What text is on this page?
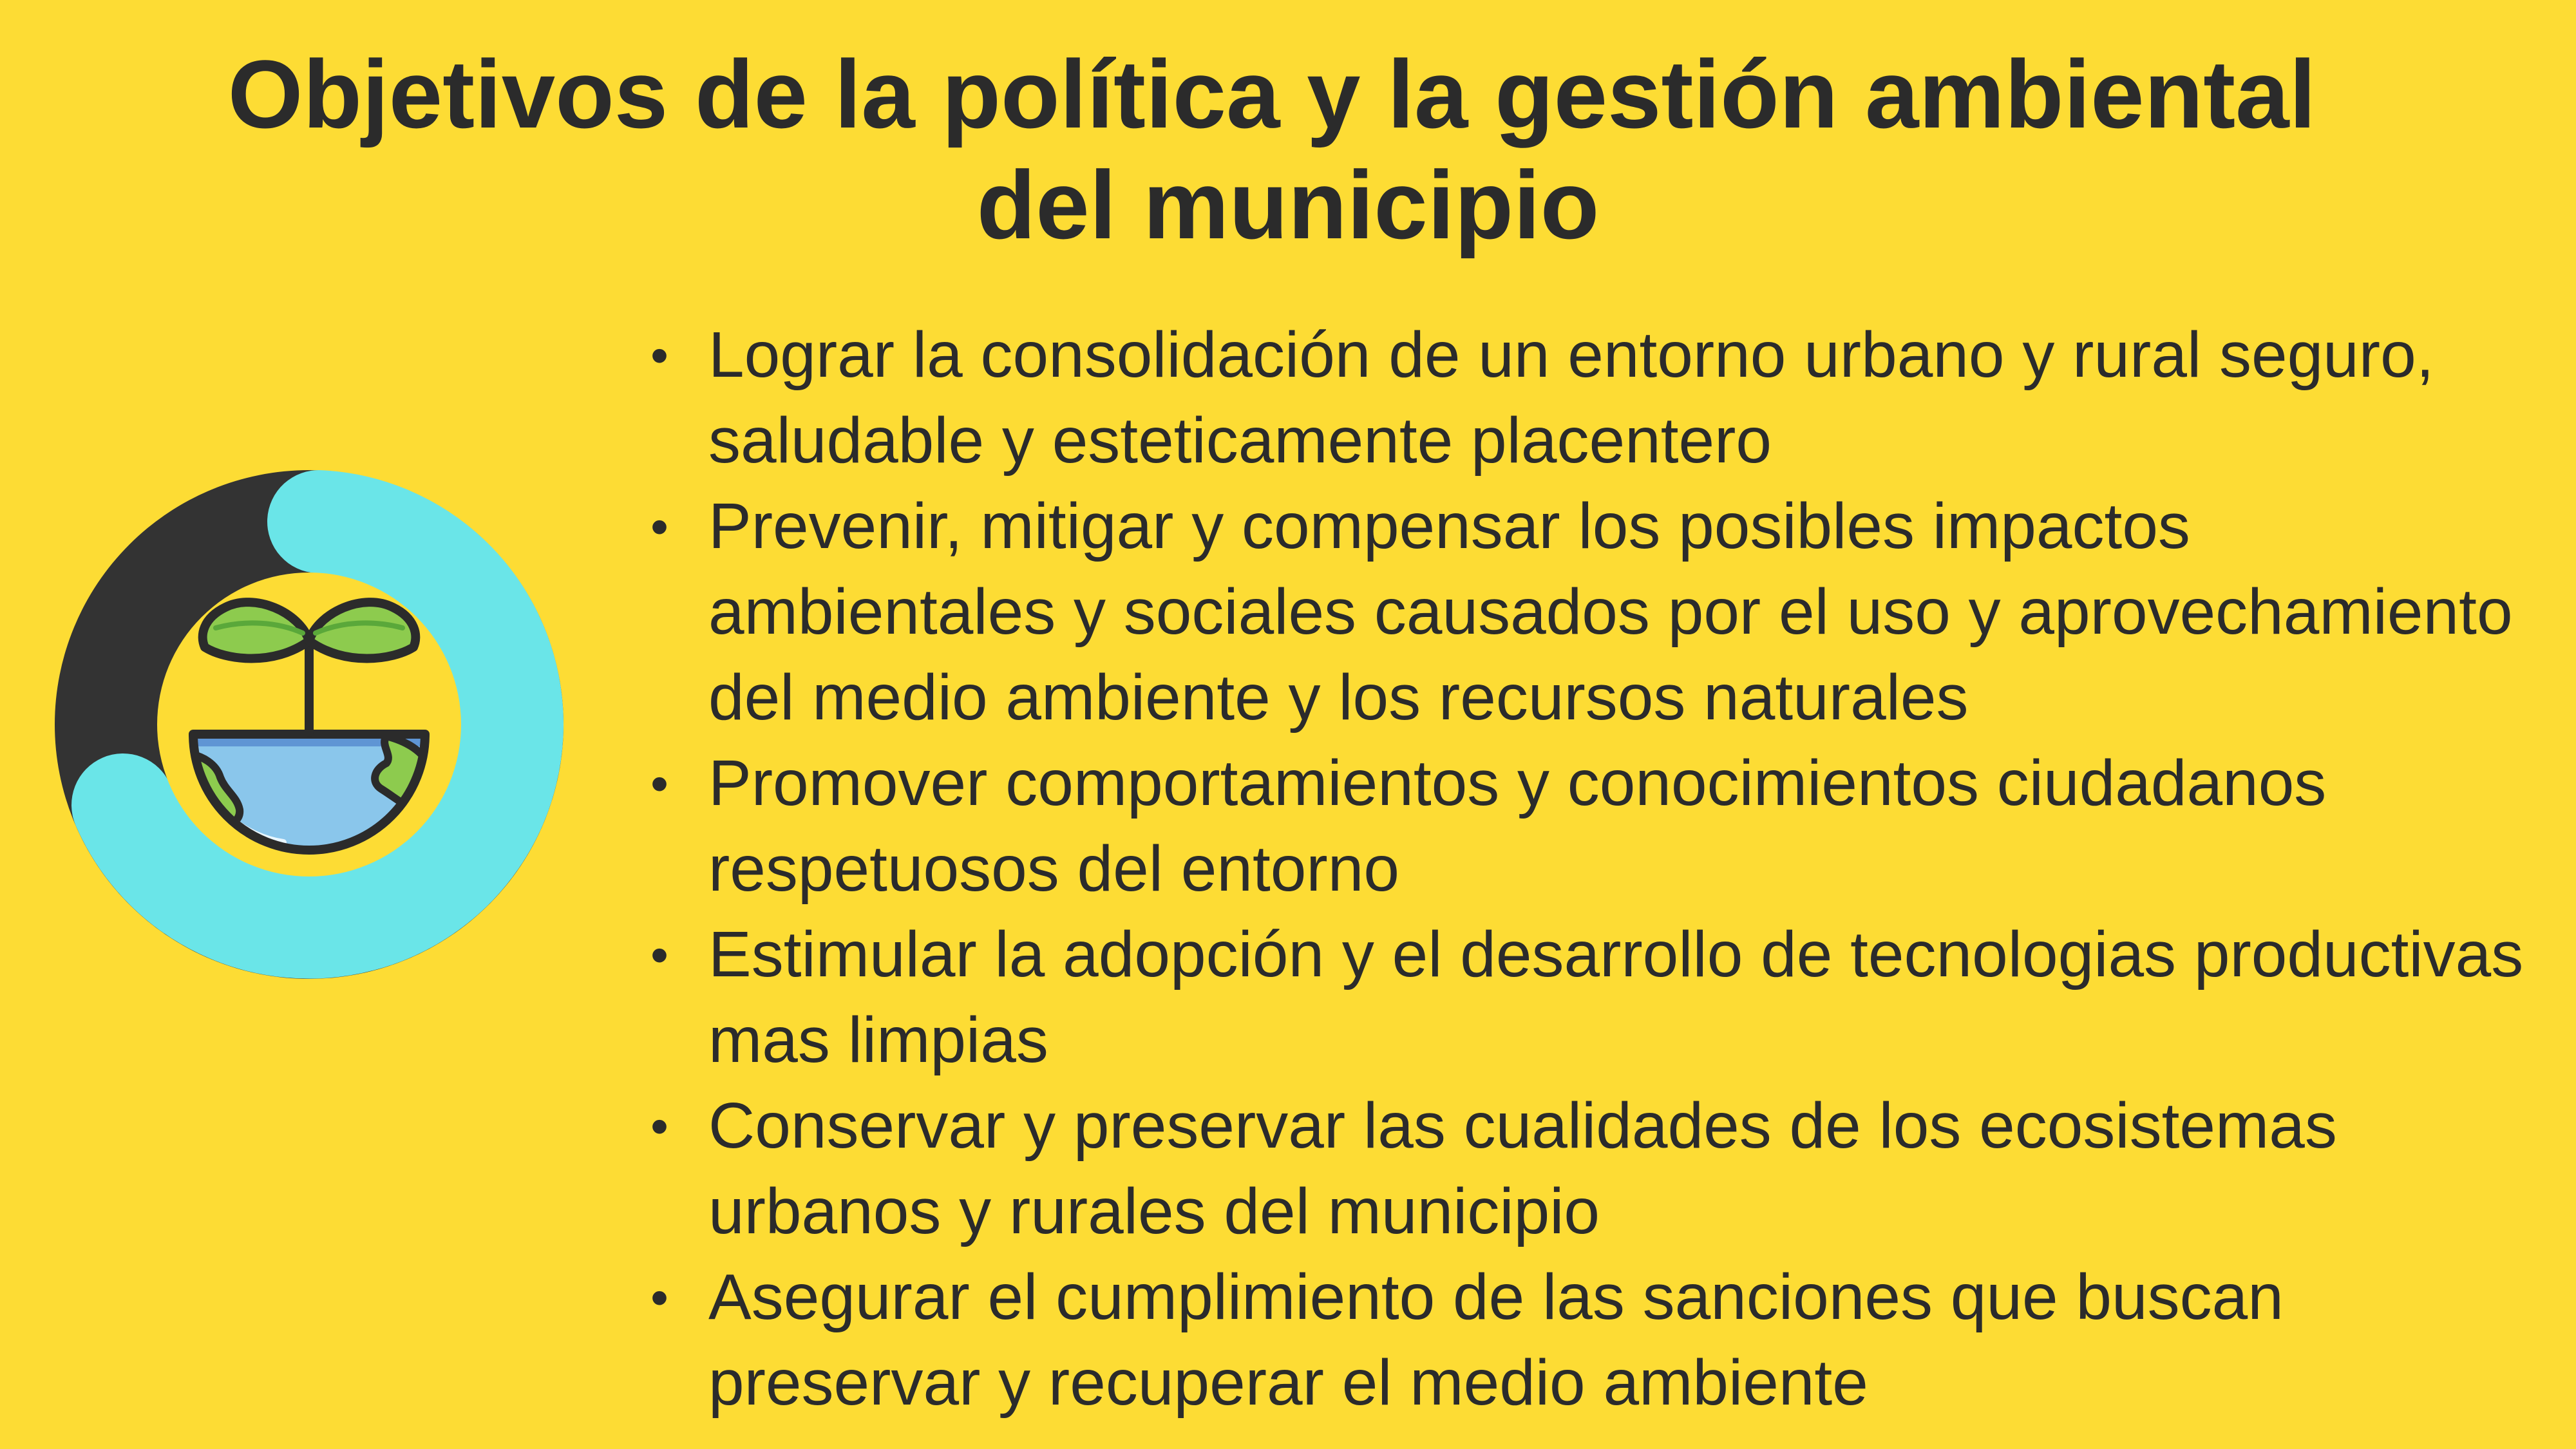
Objetivos de la política y la gestión ambiental
del municipio
• Lograr la consolidación de un entorno urbano y rural seguro,
saludable y esteticamente placentero
• Prevenir, mitigar y compensar los posibles impactos
ambientales y sociales causados por el uso y aprovechamiento
del medio ambiente y los recursos naturales
• Promover comportamientos y conocimientos ciudadanos
respetuosos del entorno
• Estimular la adopción y el desarrollo de tecnologias productivas
mas limpias
• Conservar y preservar las cualidades de los ecosistemas
urbanos y rurales del municipio
• Asegurar el cumplimiento de las sanciones que buscan
preservar y recuperar el medio ambiente
